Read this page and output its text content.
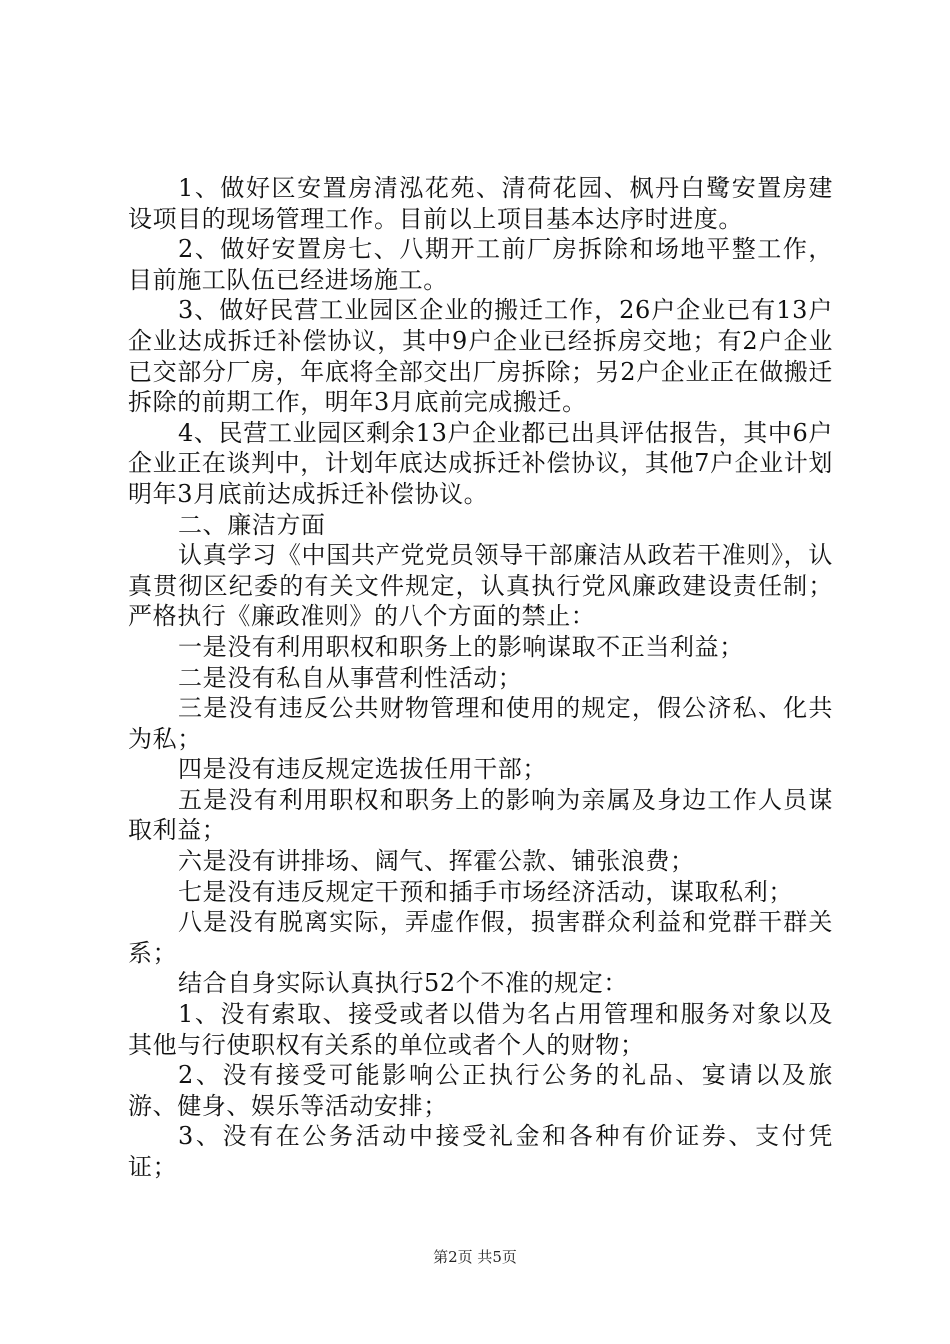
1、做好区安置房清泓花苑、清荷花园、枫丹白鹭安置房建设项目的现场管理工作。目前以上项目基本达序时进度。

2、做好安置房七、八期开工前厂房拆除和场地平整工作，目前施工队伍已经进场施工。

3、做好民营工业园区企业的搬迁工作，26户企业已有13户企业达成拆迁补偿协议，其中9户企业已经拆房交地；有2户企业已交部分厂房，年底将全部交出厂房拆除；另2户企业正在做搬迁拆除的前期工作，明年3月底前完成搬迁。

4、民营工业园区剩余13户企业都已出具评估报告，其中6户企业正在谈判中，计划年底达成拆迁补偿协议，其他7户企业计划明年3月底前达成拆迁补偿协议。

二、廉洁方面

认真学习《中国共产党党员领导干部廉洁从政若干准则》，认真贯彻区纪委的有关文件规定，认真执行党风廉政建设责任制；严格执行《廉政准则》的八个方面的禁止：

一是没有利用职权和职务上的影响谋取不正当利益；

二是没有私自从事营利性活动；

三是没有违反公共财物管理和使用的规定，假公济私、化共为私；

四是没有违反规定选拔任用干部；

五是没有利用职权和职务上的影响为亲属及身边工作人员谋取利益；

六是没有讲排场、阔气、挥霍公款、铺张浪费；

七是没有违反规定干预和插手市场经济活动，谋取私利；

八是没有脱离实际，弄虚作假，损害群众利益和党群干群关系；

结合自身实际认真执行52个不准的规定：

1、没有索取、接受或者以借为名占用管理和服务对象以及其他与行使职权有关系的单位或者个人的财物；

2、没有接受可能影响公正执行公务的礼品、宴请以及旅游、健身、娱乐等活动安排；

3、没有在公务活动中接受礼金和各种有价证券、支付凭证；

第2页 共5页
